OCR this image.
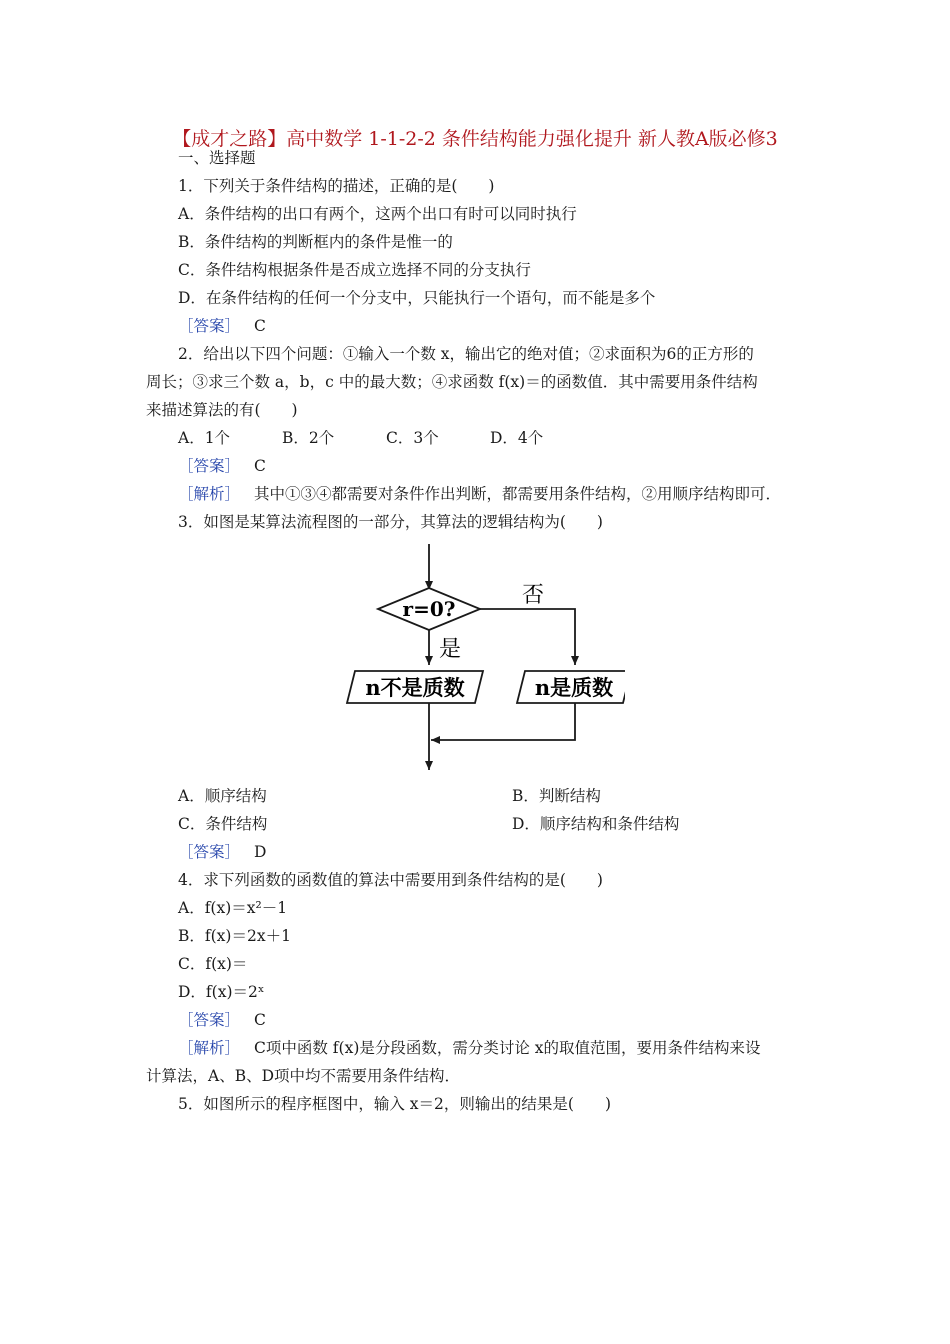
【成才之路】高中数学 1-1-2-2 条件结构能力强化提升 新人教A版必修3
一、选择题
1．下列关于条件结构的描述，正确的是(　　)
A．条件结构的出口有两个，这两个出口有时可以同时执行
B．条件结构的判断框内的条件是惟一的
C．条件结构根据条件是否成立选择不同的分支执行
D．在条件结构的任何一个分支中，只能执行一个语句，而不能是多个
［答案］ C
2．给出以下四个问题：①输入一个数 x，输出它的绝对值；②求面积为6的正方形的
周长；③求三个数 a，b，c 中的最大数；④求函数 f(x)＝的函数值．其中需要用条件结构
来描述算法的有(　　)
A．1个	B．2个	C．3个	D．4个
［答案］ C
［解析］ 其中①③④都需要对条件作出判断，都需要用条件结构，②用顺序结构即可．
3．如图是某算法流程图的一部分，其算法的逻辑结构为(　　)
r=0?
否
是
n不是质数	n是质数
A．顺序结构	B．判断结构
C．条件结构	D．顺序结构和条件结构
［答案］ D
4．求下列函数的函数值的算法中需要用到条件结构的是(　　)
A．f(x)＝x²－1
B．f(x)＝2x＋1
C．f(x)＝
D．f(x)＝2ˣ
［答案］ C
［解析］ C项中函数 f(x)是分段函数，需分类讨论 x的取值范围，要用条件结构来设
计算法，A、B、D项中均不需要用条件结构．
5．如图所示的程序框图中，输入 x＝2，则输出的结果是(　　)
